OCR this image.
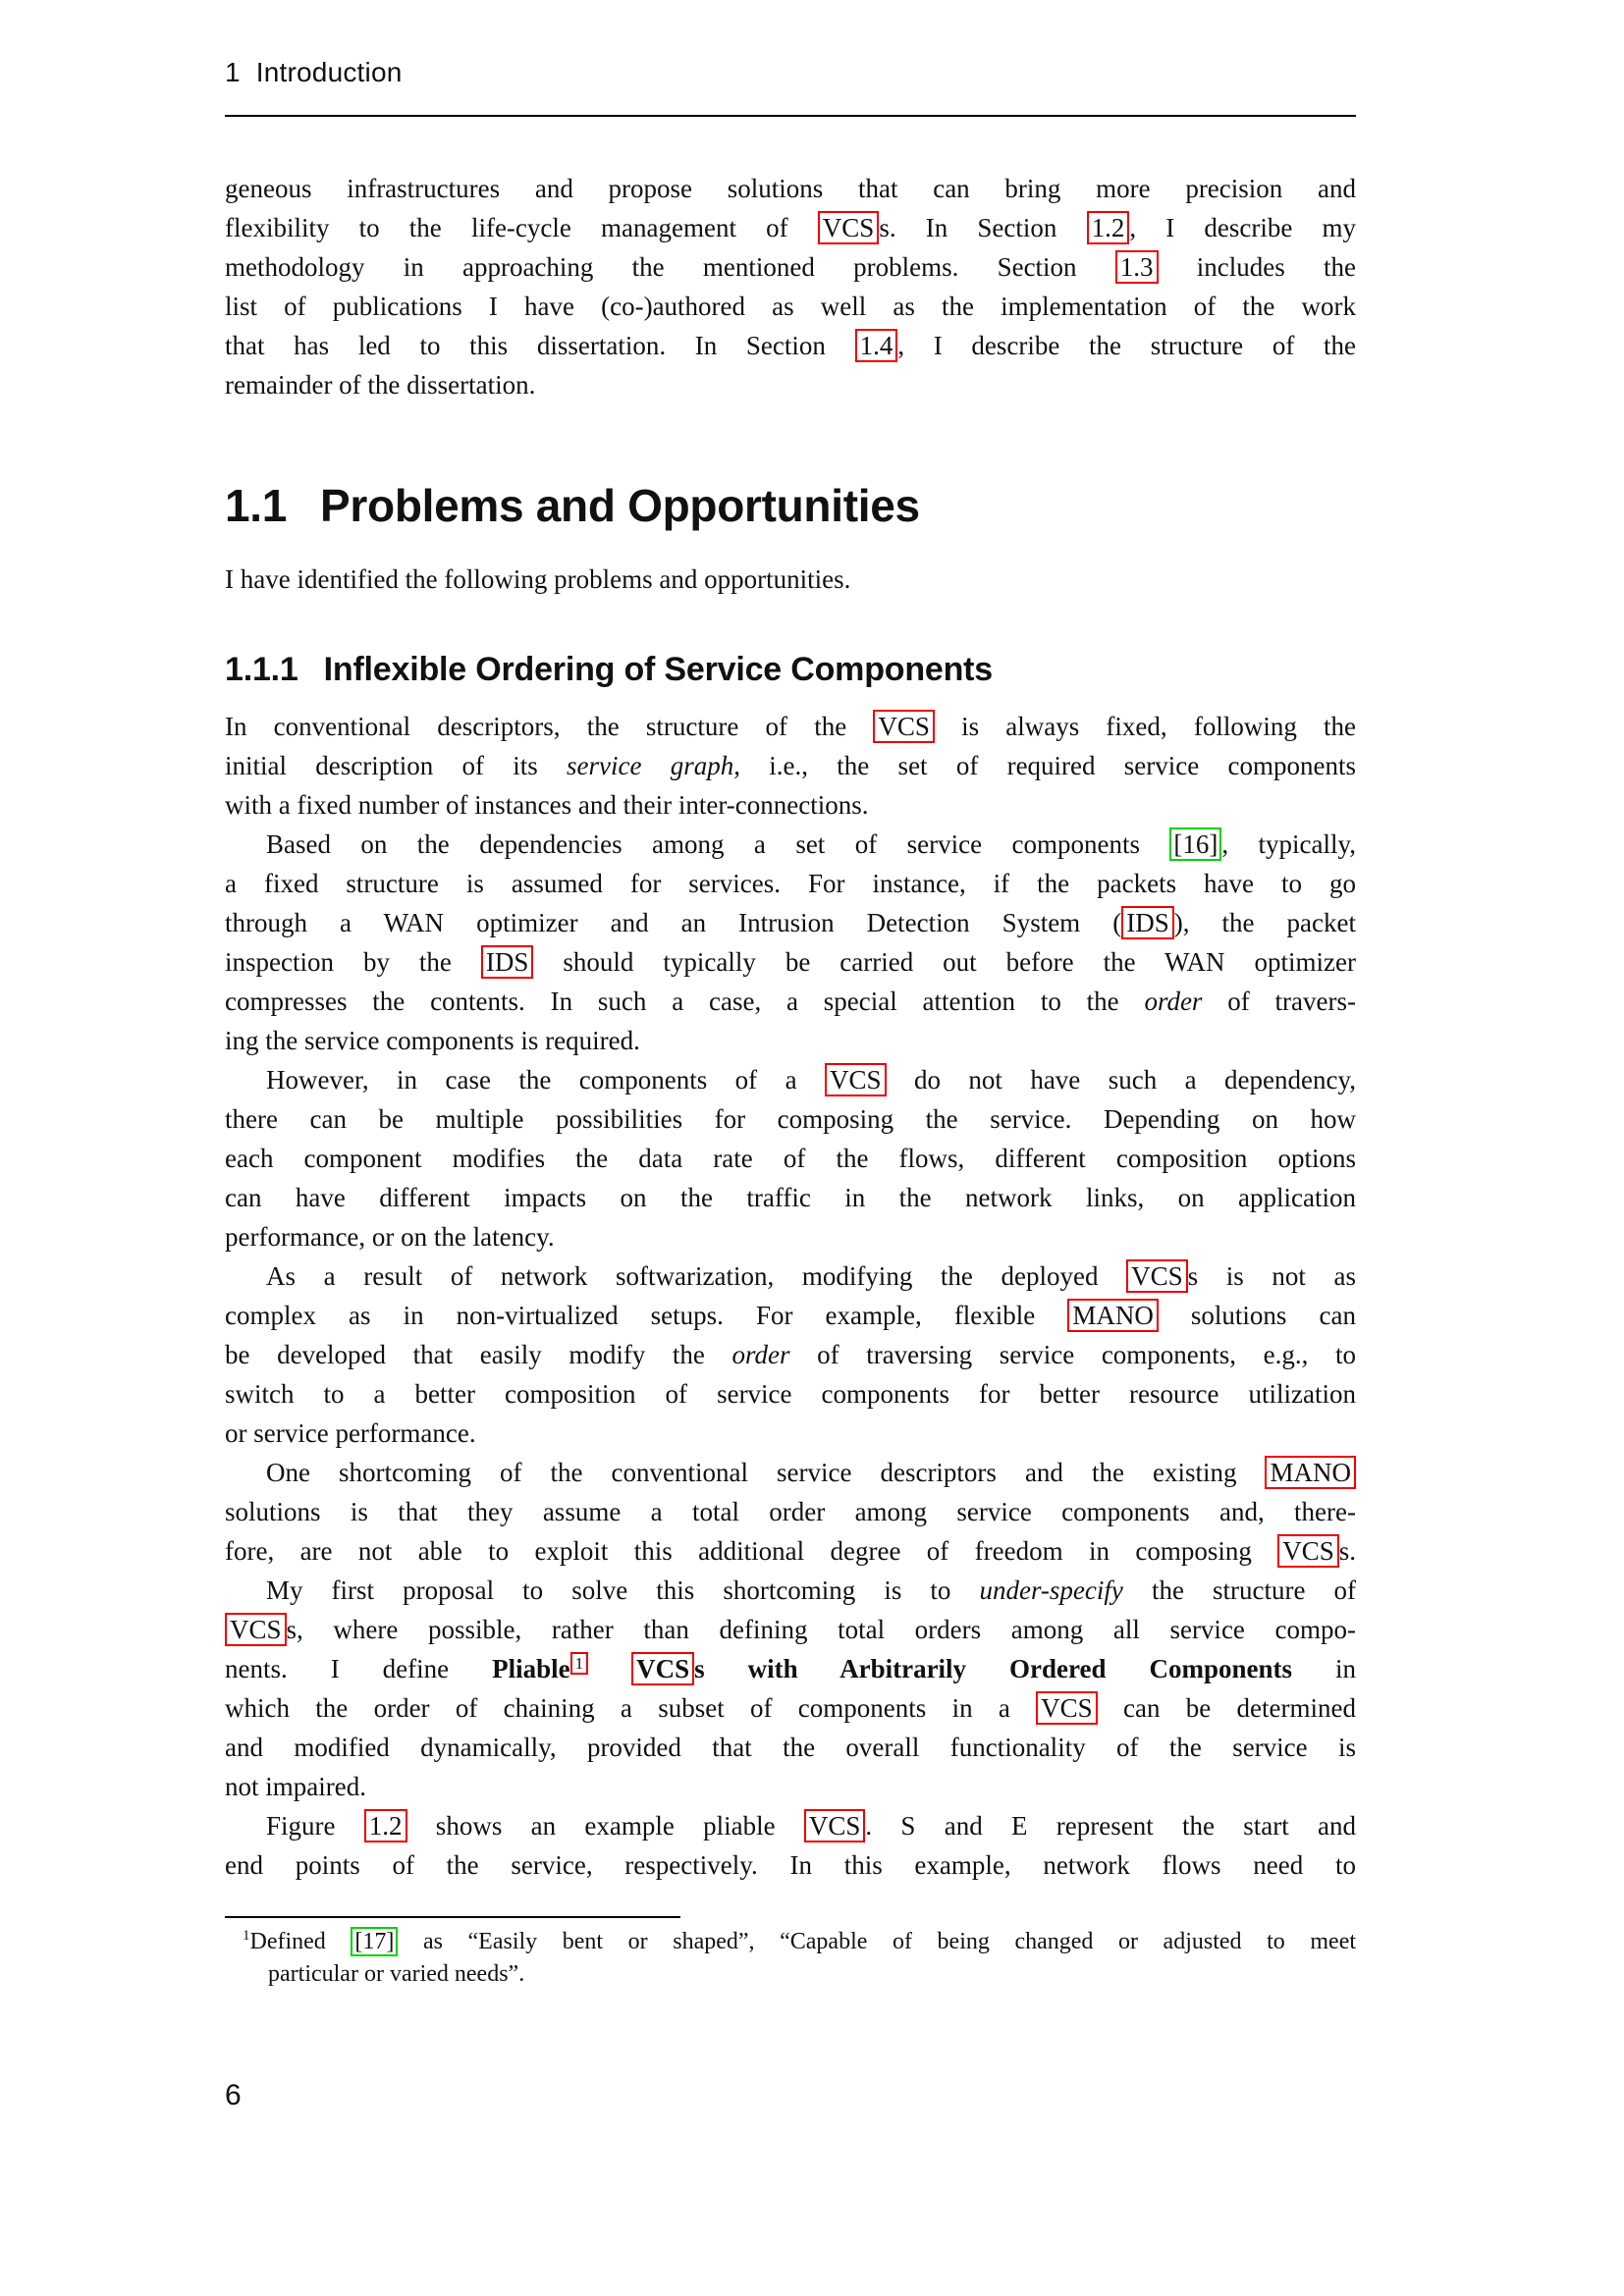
1 Introduction
geneous infrastructures and propose solutions that can bring more precision and
flexibility to the life-cycle management of VCS s. In Section 1.2 , I describe my
methodology in approaching the mentioned problems. Section 1.3 includes the
list of publications I have (co-)authored as well as the implementation of the work
that has led to this dissertation. In Section 1.4 , I describe the structure of the
remainder of the dissertation.
1.1 Problems and Opportunities
I have identified the following problems and opportunities.
1.1.1 Inflexible Ordering of Service Components
In conventional descriptors, the structure of the VCS is always fixed, following the
initial description of its service graph, i.e., the set of required service components
with a fixed number of instances and their inter-connections.
Based on the dependencies among a set of service components [16] , typically,
a fixed structure is assumed for services. For instance, if the packets have to go
through a WAN optimizer and an Intrusion Detection System ( IDS ), the packet
inspection by the IDS should typically be carried out before the WAN optimizer
compresses the contents. In such a case, a special attention to the order of travers-
ing the service components is required.
However, in case the components of a VCS do not have such a dependency,
there can be multiple possibilities for composing the service. Depending on how
each component modifies the data rate of the flows, different composition options
can have different impacts on the traffic in the network links, on application
performance, or on the latency.
As a result of network softwarization, modifying the deployed VCS s is not as
complex as in non-virtualized setups. For example, flexible MANO solutions can
be developed that easily modify the order of traversing service components, e.g., to
switch to a better composition of service components for better resource utilization
or service performance.
One shortcoming of the conventional service descriptors and the existing MANO
solutions is that they assume a total order among service components and, there-
fore, are not able to exploit this additional degree of freedom in composing VCS s.
My first proposal to solve this shortcoming is to under-specify the structure of
VCS s, where possible, rather than defining total orders among all service compo-
nents. I define Pliable $^1$ VCS s with Arbitrarily Ordered Components in
which the order of chaining a subset of components in a VCS can be determined
and modified dynamically, provided that the overall functionality of the service is
not impaired.
Figure 1.2 shows an example pliable VCS . S and E represent the start and
end points of the service, respectively. In this example, network flows need to
$^1$Defined [17] as “Easily bent or shaped”, “Capable of being changed or adjusted to meet
particular or varied needs”.
6
